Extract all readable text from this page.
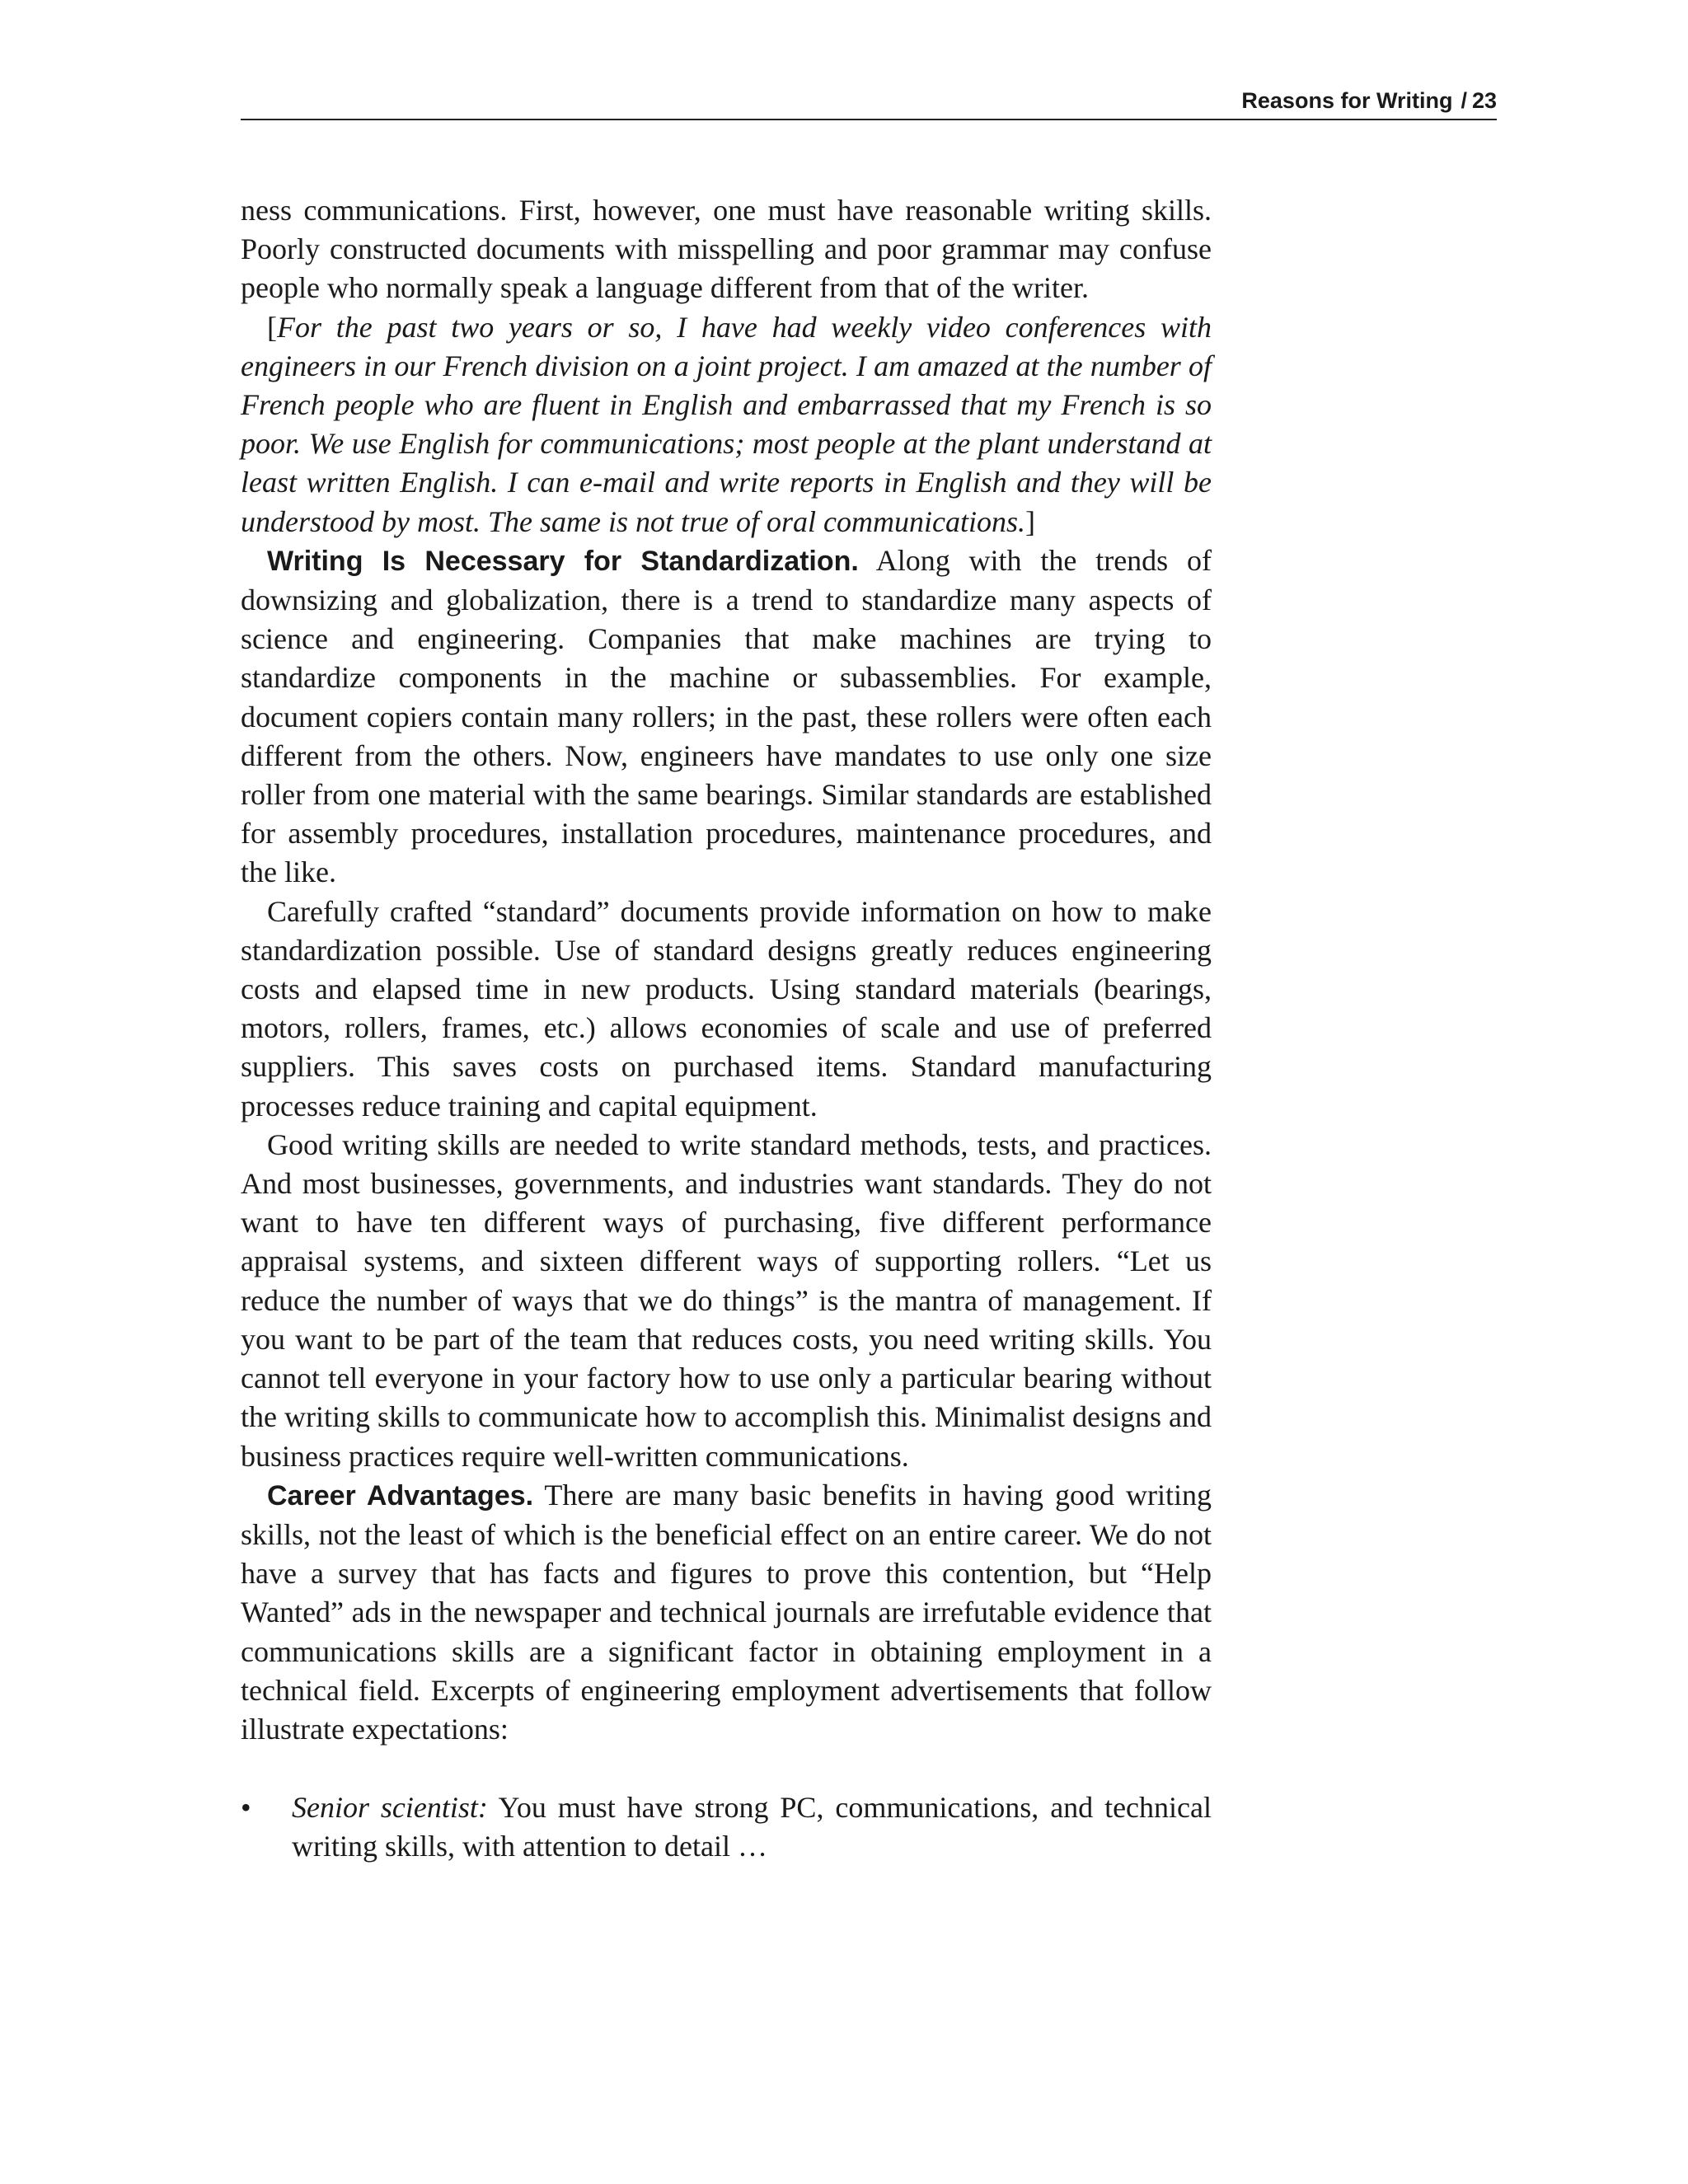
Reasons for Writing / 23

ness communications. First, however, one must have reasonable writing skills. Poorly constructed documents with misspelling and poor grammar may confuse people who normally speak a language different from that of the writer.

[For the past two years or so, I have had weekly video conferences with engineers in our French division on a joint project. I am amazed at the number of French people who are fluent in English and embarrassed that my French is so poor. We use English for communications; most people at the plant understand at least written English. I can e-mail and write reports in English and they will be understood by most. The same is not true of oral communications.]

Writing Is Necessary for Standardization. Along with the trends of downsizing and globalization, there is a trend to standardize many aspects of science and engineering. Companies that make machines are trying to standardize components in the machine or subassemblies. For example, document copiers contain many rollers; in the past, these rollers were often each different from the others. Now, engineers have mandates to use only one size roller from one material with the same bearings. Similar standards are established for assembly procedures, installation procedures, maintenance procedures, and the like.

Carefully crafted “standard” documents provide information on how to make standardization possible. Use of standard designs greatly reduces engineering costs and elapsed time in new products. Using standard materials (bearings, motors, rollers, frames, etc.) allows economies of scale and use of preferred suppliers. This saves costs on purchased items. Standard manufacturing processes reduce training and capital equipment.

Good writing skills are needed to write standard methods, tests, and practices. And most businesses, governments, and industries want standards. They do not want to have ten different ways of purchasing, five different performance appraisal systems, and sixteen different ways of supporting rollers. “Let us reduce the number of ways that we do things” is the mantra of management. If you want to be part of the team that reduces costs, you need writing skills. You cannot tell everyone in your factory how to use only a particular bearing without the writing skills to communicate how to accomplish this. Minimalist designs and business practices require well-written communications.

Career Advantages. There are many basic benefits in having good writing skills, not the least of which is the beneficial effect on an entire career. We do not have a survey that has facts and figures to prove this contention, but “Help Wanted” ads in the newspaper and technical journals are irrefutable evidence that communications skills are a significant factor in obtaining employment in a technical field. Excerpts of engineering employment advertisements that follow illustrate expectations:

• Senior scientist: You must have strong PC, communications, and technical writing skills, with attention to detail …
